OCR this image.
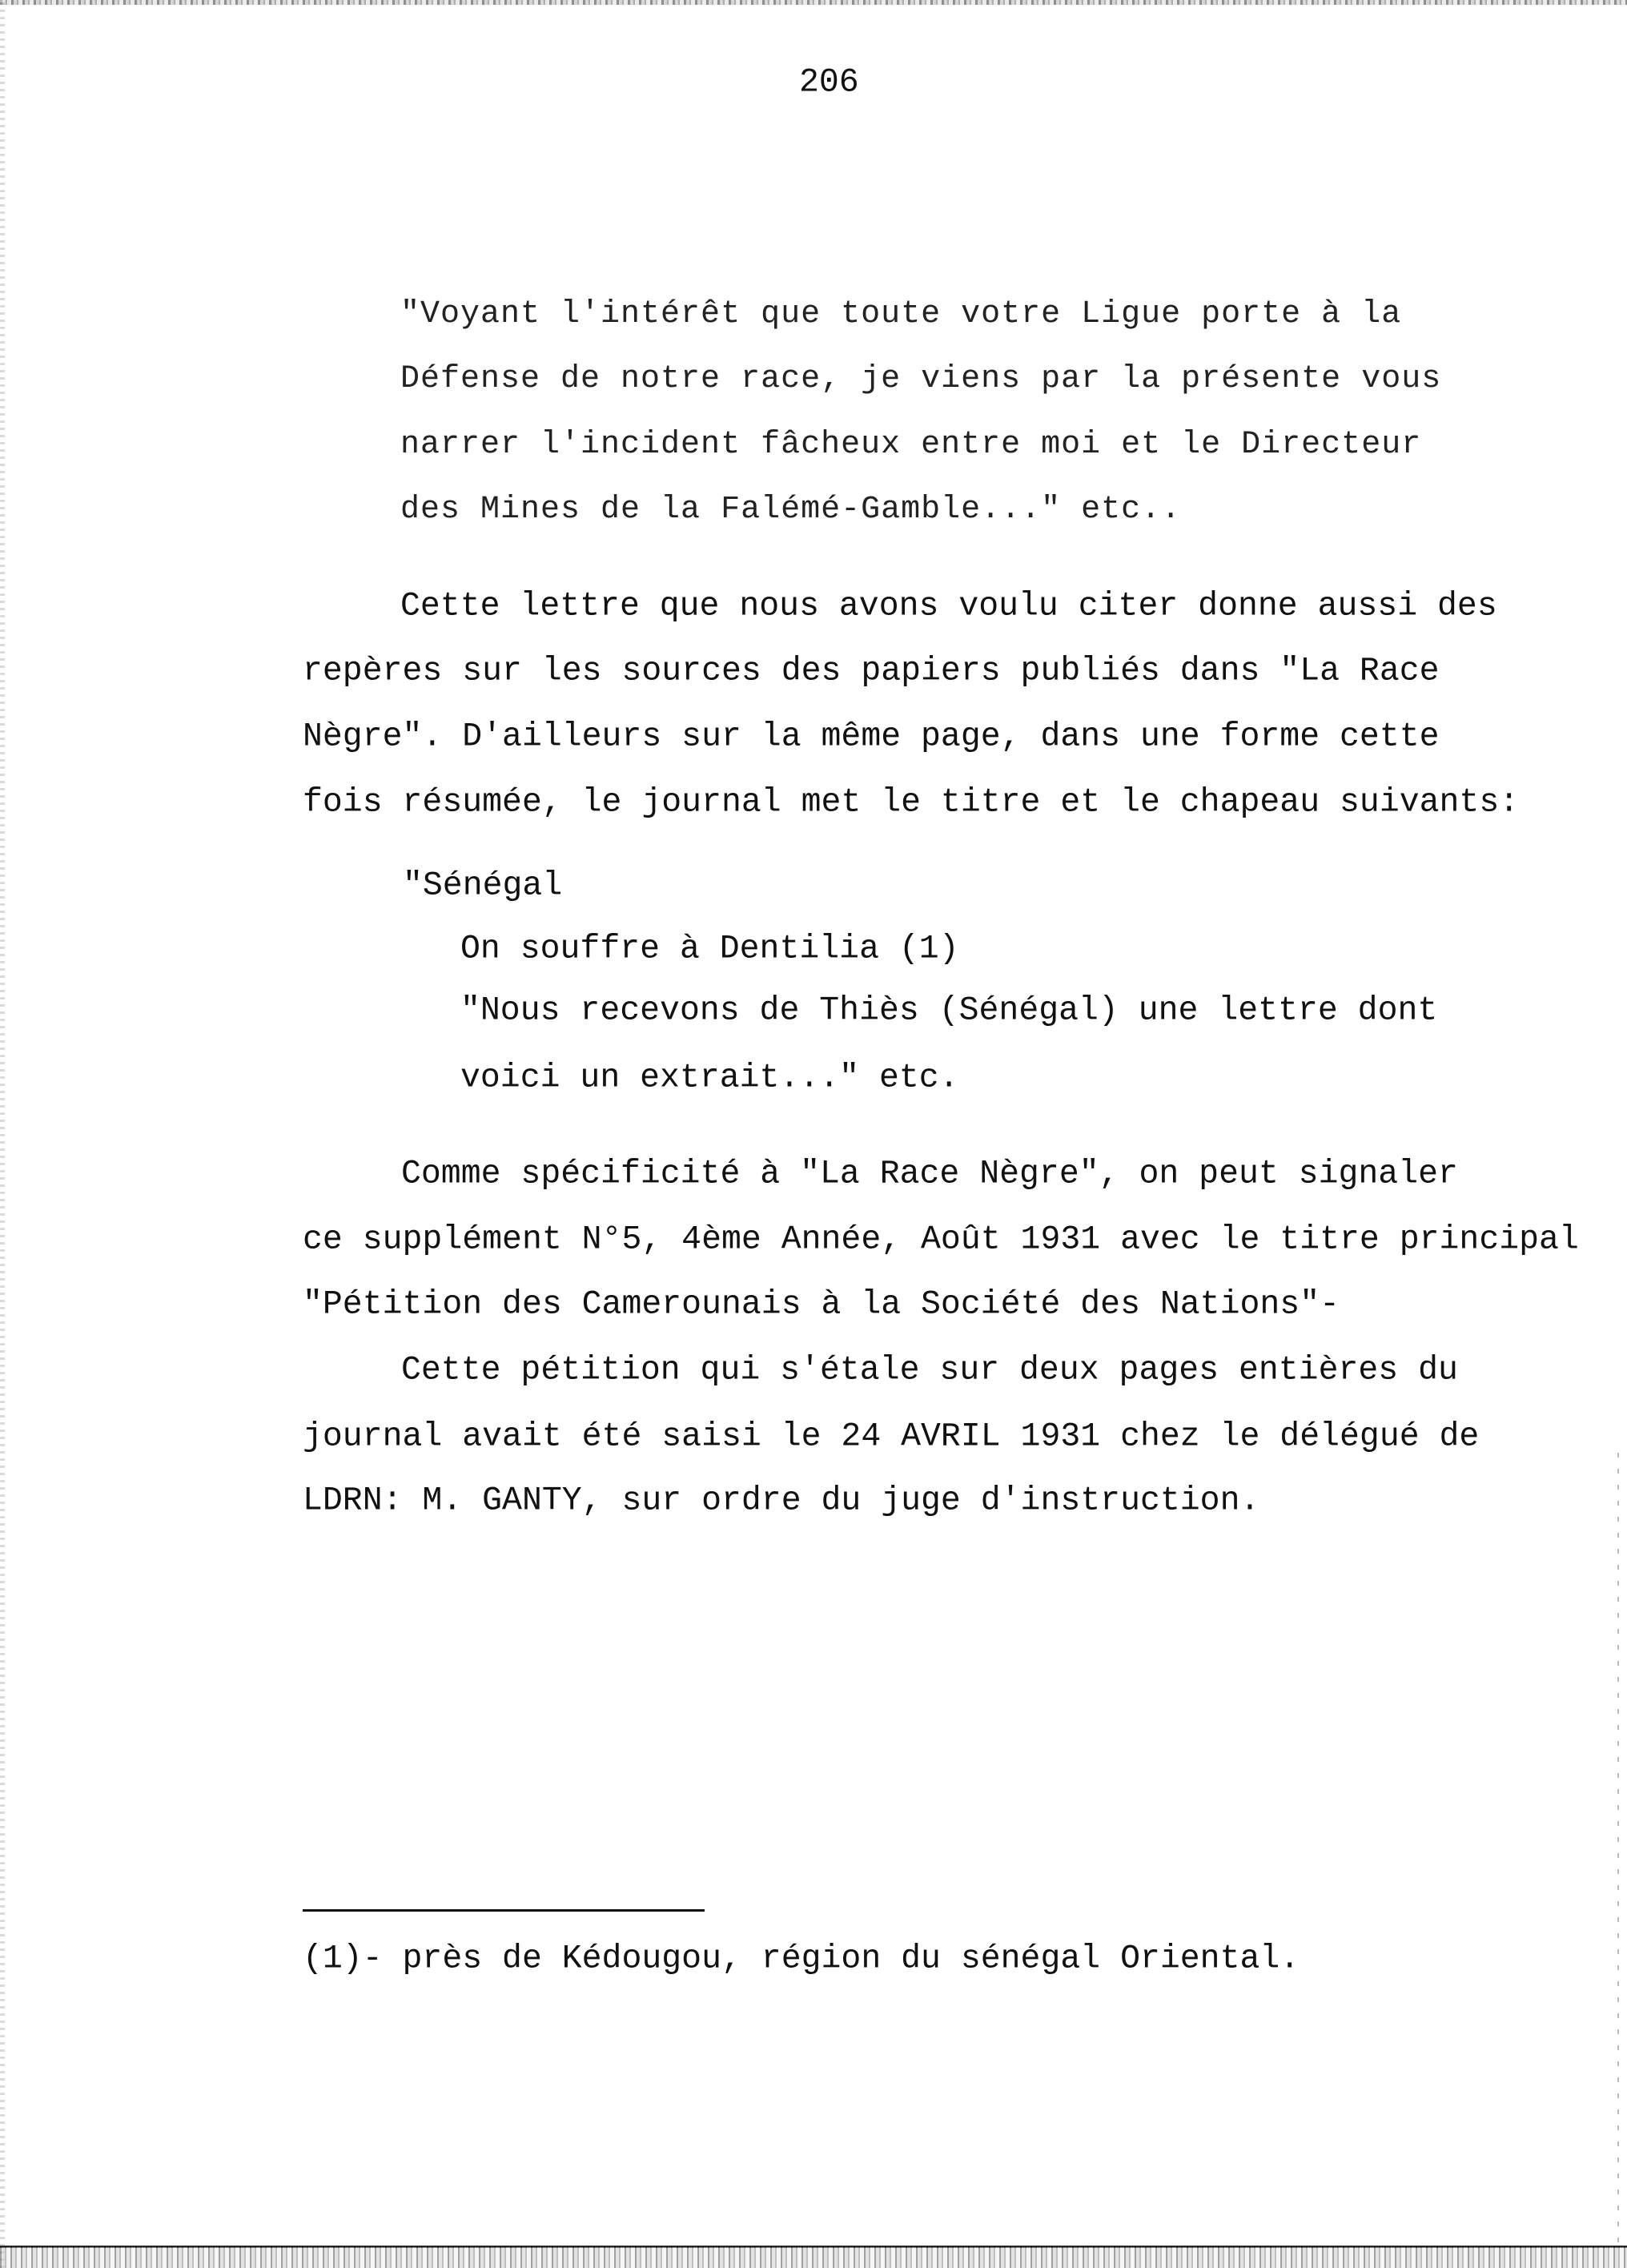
206
"Voyant l'intérêt que toute votre Ligue porte à la
Défense de notre race, je viens par la présente vous
narrer l'incident fâcheux entre moi et le Directeur
des Mines de la Falémé-Gamble..." etc..
Cette lettre que nous avons voulu citer donne aussi des
repères sur les sources des papiers publiés dans "La Race
Nègre". D'ailleurs sur la même page, dans une forme cette
fois résumée, le journal met le titre et le chapeau suivants:
"Sénégal
On souffre à Dentilia (1)
"Nous recevons de Thiès (Sénégal) une lettre dont
voici un extrait..." etc.
Comme spécificité à "La Race Nègre", on peut signaler
ce supplément N°5, 4ème Année, Août 1931 avec le titre principal
"Pétition des Camerounais à la Société des Nations"-
Cette pétition qui s'étale sur deux pages entières du
journal avait été saisi le 24 AVRIL 1931 chez le délégué de
LDRN: M. GANTY, sur ordre du juge d'instruction.
(1)- près de Kédougou, région du sénégal Oriental.
